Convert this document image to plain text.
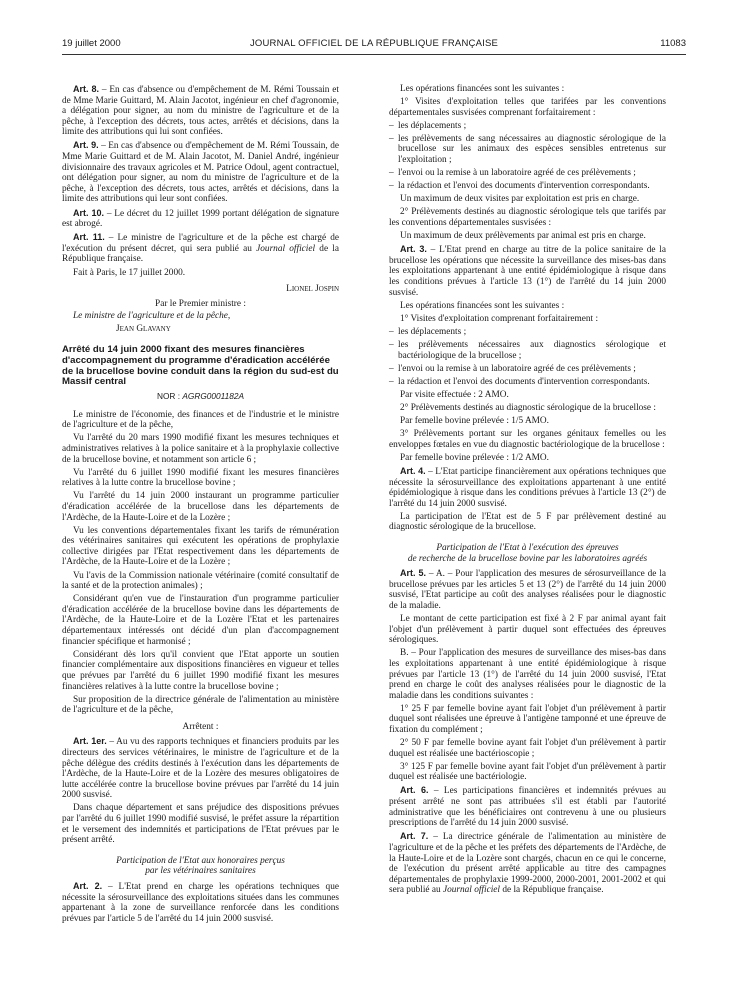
19 juillet 2000	JOURNAL OFFICIEL DE LA RÉPUBLIQUE FRANÇAISE	11083

Art. 8. – En cas d'absence ou d'empêchement de M. Rémi Toussain et de Mme Marie Guittard, M. Alain Jacotot, ingénieur en chef d'agronomie, a délégation pour signer, au nom du ministre de l'agriculture et de la pêche, à l'exception des décrets, tous actes, arrêtés et décisions, dans la limite des attributions qui lui sont confiées.

Art. 9. – En cas d'absence ou d'empêchement de M. Rémi Toussain, de Mme Marie Guittard et de M. Alain Jacotot, M. Daniel André, ingénieur divisionnaire des travaux agricoles et M. Patrice Odoul, agent contractuel, ont délégation pour signer, au nom du ministre de l'agriculture et de la pêche, à l'exception des décrets, tous actes, arrêtés et décisions, dans la limite des attributions qui leur sont confiées.

Art. 10. – Le décret du 12 juillet 1999 portant délégation de signature est abrogé.

Art. 11. – Le ministre de l'agriculture et de la pêche est chargé de l'exécution du présent décret, qui sera publié au Journal officiel de la République française.

Fait à Paris, le 17 juillet 2000.

Lionel Jospin
Par le Premier ministre :

Le ministre de l'agriculture et de la pêche,

Jean Glavany
Arrêté du 14 juin 2000 fixant des mesures financières d'accompagnement du programme d'éradication accélérée de la brucellose bovine conduit dans la région du sud-est du Massif central
NOR : AGRG0001182A

Le ministre de l'économie, des finances et de l'industrie et le ministre de l'agriculture et de la pêche,

Vu l'arrêté du 20 mars 1990 modifié fixant les mesures techniques et administratives relatives à la police sanitaire et à la prophylaxie collective de la brucellose bovine, et notamment son article 6 ;

Vu l'arrêté du 6 juillet 1990 modifié fixant les mesures financières relatives à la lutte contre la brucellose bovine ;

Vu l'arrêté du 14 juin 2000 instaurant un programme particulier d'éradication accélérée de la brucellose dans les départements de l'Ardèche, de la Haute-Loire et de la Lozère ;

Vu les conventions départementales fixant les tarifs de rémunération des vétérinaires sanitaires qui exécutent les opérations de prophylaxie collective dirigées par l'Etat respectivement dans les départements de l'Ardèche, de la Haute-Loire et de la Lozère ;

Vu l'avis de la Commission nationale vétérinaire (comité consultatif de la santé et de la protection animales) ;

Considérant qu'en vue de l'instauration d'un programme particulier d'éradication accélérée de la brucellose bovine dans les départements de l'Ardèche, de la Haute-Loire et de la Lozère l'Etat et les partenaires départementaux intéressés ont décidé d'un plan d'accompagnement financier spécifique et harmonisé ;

Considérant dès lors qu'il convient que l'Etat apporte un soutien financier complémentaire aux dispositions financières en vigueur et telles que prévues par l'arrêté du 6 juillet 1990 modifié fixant les mesures financières relatives à la lutte contre la brucellose bovine ;

Sur proposition de la directrice générale de l'alimentation au ministère de l'agriculture et de la pêche,

Arrêtent :

Art. 1er. – Au vu des rapports techniques et financiers produits par les directeurs des services vétérinaires, le ministre de l'agriculture et de la pêche délègue des crédits destinés à l'exécution dans les départements de l'Ardèche, de la Haute-Loire et de la Lozère des mesures obligatoires de lutte accélérée contre la brucellose bovine prévues par l'arrêté du 14 juin 2000 susvisé.

Dans chaque département et sans préjudice des dispositions prévues par l'arrêté du 6 juillet 1990 modifié susvisé, le préfet assure la répartition et le versement des indemnités et participations de l'Etat prévues par le présent arrêté.

Participation de l'Etat aux honoraires perçus
par les vétérinaires sanitaires

Art. 2. – L'Etat prend en charge les opérations techniques que nécessite la sérosurveillance des exploitations situées dans les communes appartenant à la zone de surveillance renforcée dans les conditions prévues par l'article 5 de l'arrêté du 14 juin 2000 susvisé.

Les opérations financées sont les suivantes :

1° Visites d'exploitation telles que tarifées par les conventions départementales susvisées comprenant forfaitairement :

– les déplacements ;

– les prélèvements de sang nécessaires au diagnostic sérologique de la brucellose sur les animaux des espèces sensibles entretenus sur l'exploitation ;

– l'envoi ou la remise à un laboratoire agréé de ces prélèvements ;

– la rédaction et l'envoi des documents d'intervention correspondants.

Un maximum de deux visites par exploitation est pris en charge.

2° Prélèvements destinés au diagnostic sérologique tels que tarifés par les conventions départementales susvisées :

Un maximum de deux prélèvements par animal est pris en charge.

Art. 3. – L'Etat prend en charge au titre de la police sanitaire de la brucellose les opérations que nécessite la surveillance des mises-bas dans les exploitations appartenant à une entité épidémiologique à risque dans les conditions prévues à l'article 13 (1°) de l'arrêté du 14 juin 2000 susvisé.

Les opérations financées sont les suivantes :

1° Visites d'exploitation comprenant forfaitairement :

– les déplacements ;

– les prélèvements nécessaires aux diagnostics sérologique et bactériologique de la brucellose ;

– l'envoi ou la remise à un laboratoire agréé de ces prélèvements ;

– la rédaction et l'envoi des documents d'intervention correspondants.

Par visite effectuée : 2 AMO.

2° Prélèvements destinés au diagnostic sérologique de la brucellose :

Par femelle bovine prélevée : 1/5 AMO.

3° Prélèvements portant sur les organes génitaux femelles ou les enveloppes fœtales en vue du diagnostic bactériologique de la brucellose :

Par femelle bovine prélevée : 1/2 AMO.

Art. 4. – L'Etat participe financièrement aux opérations techniques que nécessite la sérosurveillance des exploitations appartenant à une entité épidémiologique à risque dans les conditions prévues à l'article 13 (2°) de l'arrêté du 14 juin 2000 susvisé.

La participation de l'Etat est de 5 F par prélèvement destiné au diagnostic sérologique de la brucellose.

Participation de l'Etat à l'exécution des épreuves
de recherche de la brucellose bovine par les laboratoires agréés

Art. 5. – A. – Pour l'application des mesures de sérosurveillance de la brucellose prévues par les articles 5 et 13 (2°) de l'arrêté du 14 juin 2000 susvisé, l'Etat participe au coût des analyses réalisées pour le diagnostic de la maladie.

Le montant de cette participation est fixé à 2 F par animal ayant fait l'objet d'un prélèvement à partir duquel sont effectuées des épreuves sérologiques.

B. – Pour l'application des mesures de surveillance des mises-bas dans les exploitations appartenant à une entité épidémiologique à risque prévues par l'article 13 (1°) de l'arrêté du 14 juin 2000 susvisé, l'Etat prend en charge le coût des analyses réalisées pour le diagnostic de la maladie dans les conditions suivantes :

1° 25 F par femelle bovine ayant fait l'objet d'un prélèvement à partir duquel sont réalisées une épreuve à l'antigène tamponné et une épreuve de fixation du complément ;

2° 50 F par femelle bovine ayant fait l'objet d'un prélèvement à partir duquel est réalisée une bactérioscopie ;

3° 125 F par femelle bovine ayant fait l'objet d'un prélèvement à partir duquel est réalisée une bactériologie.

Art. 6. – Les participations financières et indemnités prévues au présent arrêté ne sont pas attribuées s'il est établi par l'autorité administrative que les bénéficiaires ont contrevenu à une ou plusieurs prescriptions de l'arrêté du 14 juin 2000 susvisé.

Art. 7. – La directrice générale de l'alimentation au ministère de l'agriculture et de la pêche et les préfets des départements de l'Ardèche, de la Haute-Loire et de la Lozère sont chargés, chacun en ce qui le concerne, de l'exécution du présent arrêté applicable au titre des campagnes départementales de prophylaxie 1999-2000, 2000-2001, 2001-2002 et qui sera publié au Journal officiel de la République française.
